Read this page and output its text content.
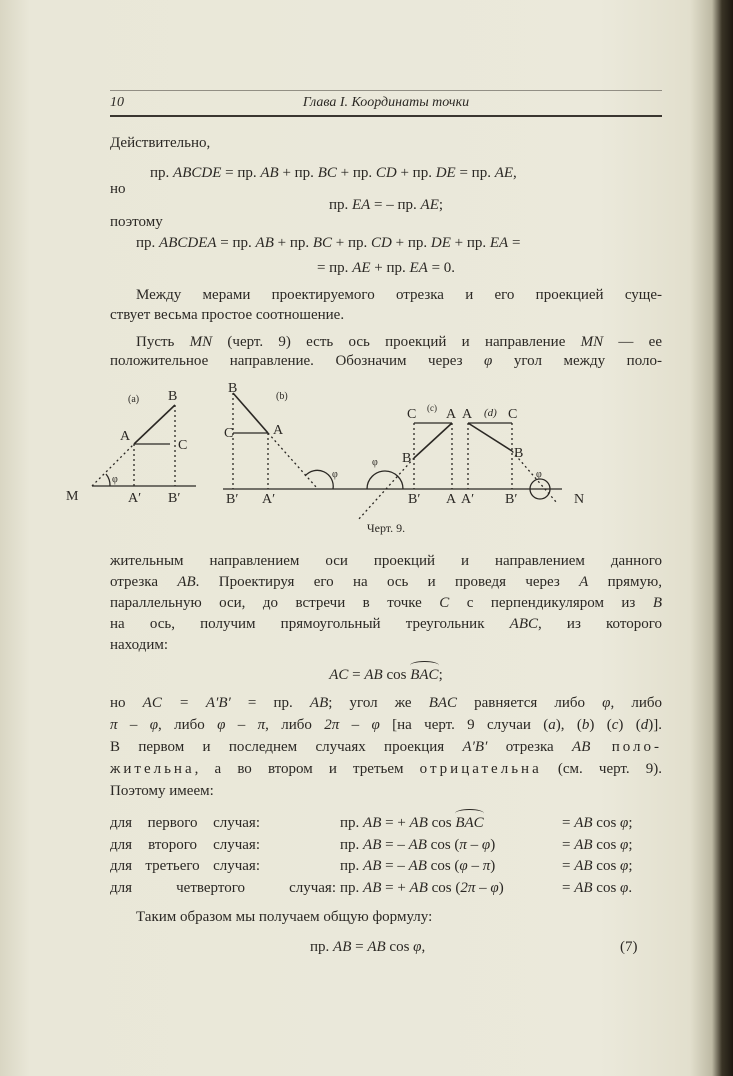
10	Глава I. Координаты точки
Действительно,
пр. ABCDE = пр. AB + пр. BC + пр. CD + пр. DE = пр. AE,
но
пр. EA = – пр. AE;
поэтому
пр. ABCDEA = пр. AB + пр. BC + пр. CD + пр. DE + пр. EA =
= пр. AE + пр. EA = 0.
Между мерами проектируемого отрезка и его проекцией суще-
ствует весьма простое соотношение.
Пусть MN (черт. 9) есть ось проекций и направление MN — ее
положительное направление. Обозначим через φ угол между поло-
жительным направлением оси проекций и направлением данного
отрезка AB. Проектируя его на ось и проведя через A прямую,
параллельную оси, до встречи в точке C с перпендикуляром из B
на ось, получим прямоугольный треугольник ABC, из которого
находим:
AC = AB cos BAC
;
но AC = A′B′ = пр. AB; угол же BAC равняется либо φ, либо
π – φ, либо φ – π, либо 2π – φ [на черт. 9 случаи (a), (b) (c) (d)].
В первом и последнем случаях проекция A′B′ отрезка AB поло-
жительна, а во втором и третьем отрицательна (см. черт. 9).
Поэтому имеем:
M
(a) B
A
C
φ
A′ B′
B
(b)
C	A
φ
B′ A′
C (c) A
B
φ
B′ A
A (d) C
B
φ
A′ B′	N
Черт. 9.
для первого случая:	пр. AB = + AB cos BAC	= AB cos φ;
для второго случая:	пр. AB = – AB cos (π – φ)	= AB cos φ;
для третьего случая:	пр. AB = – AB cos (φ – π)	= AB cos φ;
для четвертого случая: пр. AB = + AB cos (2π – φ)	= AB cos φ.
Таким образом мы получаем общую формулу:
пр. AB = AB cos φ,	(7)
